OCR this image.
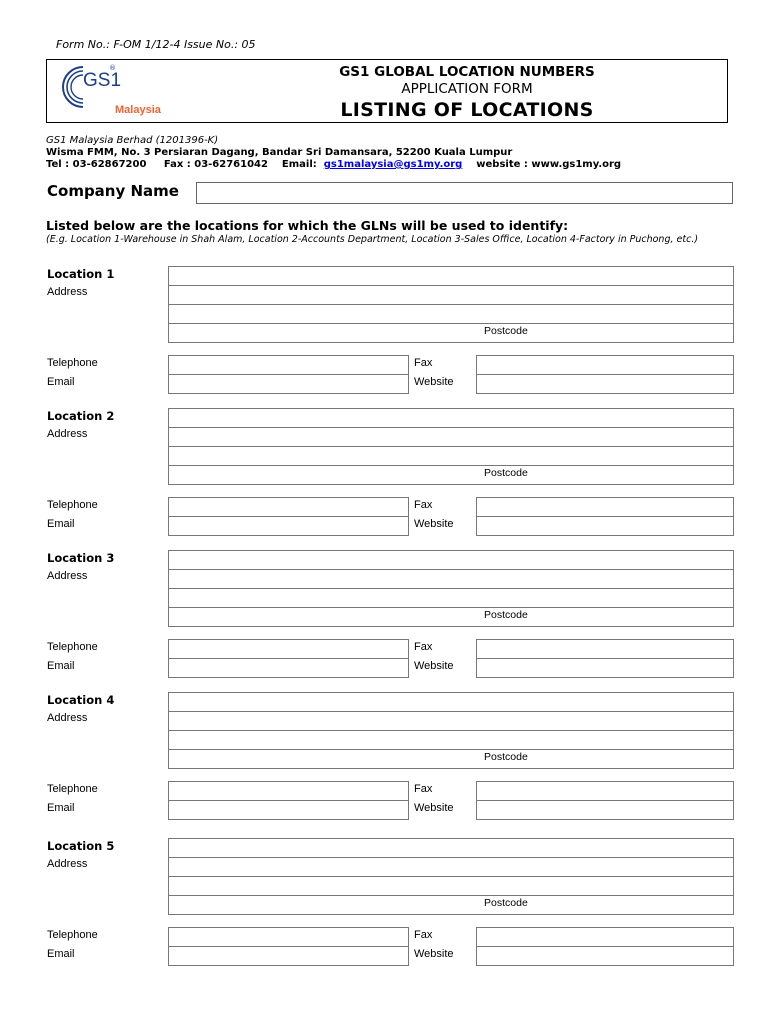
Form No.: F-OM 1/12-4 Issue No.: 05
®
GS1
Malaysia
GS1 GLOBAL LOCATION NUMBERS
APPLICATION FORM
LISTING OF LOCATIONS
GS1 Malaysia Berhad (1201396-K)
Wisma FMM, No. 3 Persiaran Dagang, Bandar Sri Damansara, 52200 Kuala Lumpur
Tel : 03-62867200 Fax : 03-62761042 Email: gs1malaysia@gs1my.org website : www.gs1my.org
Company Name
Listed below are the locations for which the GLNs will be used to identify:
(E.g. Location 1-Warehouse in Shah Alam, Location 2-Accounts Department, Location 3-Sales Office, Location 4-Factory in Puchong, etc.)
Location 1
Address
Postcode
Telephone	Fax
Email	Website
Location 2
Address
Postcode
Telephone	Fax
Email	Website
Location 3
Address
Postcode
Telephone	Fax
Email	Website
Location 4
Address
Postcode
Telephone	Fax
Email	Website
Location 5
Address
Postcode
Telephone	Fax
Email	Website
